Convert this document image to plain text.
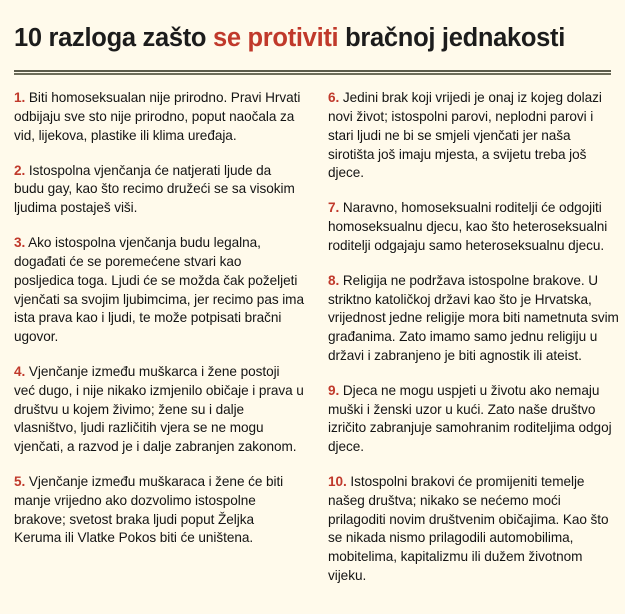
10 razloga zašto se protiviti bračnoj jednakosti

1. Biti homoseksualan nije prirodno. Pravi Hrvati odbijaju sve sto nije prirodno, poput naočala za vid, lijekova, plastike ili klima uređaja.

2. Istospolna vjenčanja će natjerati ljude da budu gay, kao što recimo družeći se sa visokim ljudima postaješ viši.

3. Ako istospolna vjenčanja budu legalna, događati će se poremećene stvari kao posljedica toga. Ljudi će se možda čak poželjeti vjenčati sa svojim ljubimcima, jer recimo pas ima ista prava kao i ljudi, te može potpisati bračni ugovor.

4. Vjenčanje između muškarca i žene postoji već dugo, i nije nikako izmjenilo običaje i prava u društvu u kojem živimo; žene su i dalje vlasništvo, ljudi različitih vjera se ne mogu vjenčati, a razvod je i dalje zabranjen zakonom.

5. Vjenčanje između muškaraca i žene će biti manje vrijedno ako dozvolimo istospolne brakove; svetost braka ljudi poput Željka Keruma ili Vlatke Pokos biti će uništena.

6. Jedini brak koji vrijedi je onaj iz kojeg dolazi novi život; istospolni parovi, neplodni parovi i stari ljudi ne bi se smjeli vjenčati jer naša sirotišta još imaju mjesta, a svijetu treba još djece.

7. Naravno, homoseksualni roditelji će odgojiti homoseksualnu djecu, kao što heteroseksualni roditelji odgajaju samo heteroseksualnu djecu.

8. Religija ne podržava istospolne brakove. U striktno katoličkoj državi kao što je Hrvatska, vrijednost jedne religije mora biti nametnuta svim građanima. Zato imamo samo jednu religiju u državi i zabranjeno je biti agnostik ili ateist.

9. Djeca ne mogu uspjeti u životu ako nemaju muški i ženski uzor u kući. Zato naše društvo izričito zabranjuje samohranim roditeljima odgoj djece.

10. Istospolni brakovi će promijeniti temelje našeg društva; nikako se nećemo moći prilagoditi novim društvenim običajima. Kao što se nikada nismo prilagodili automobilima, mobitelima, kapitalizmu ili dužem životnom vijeku.
